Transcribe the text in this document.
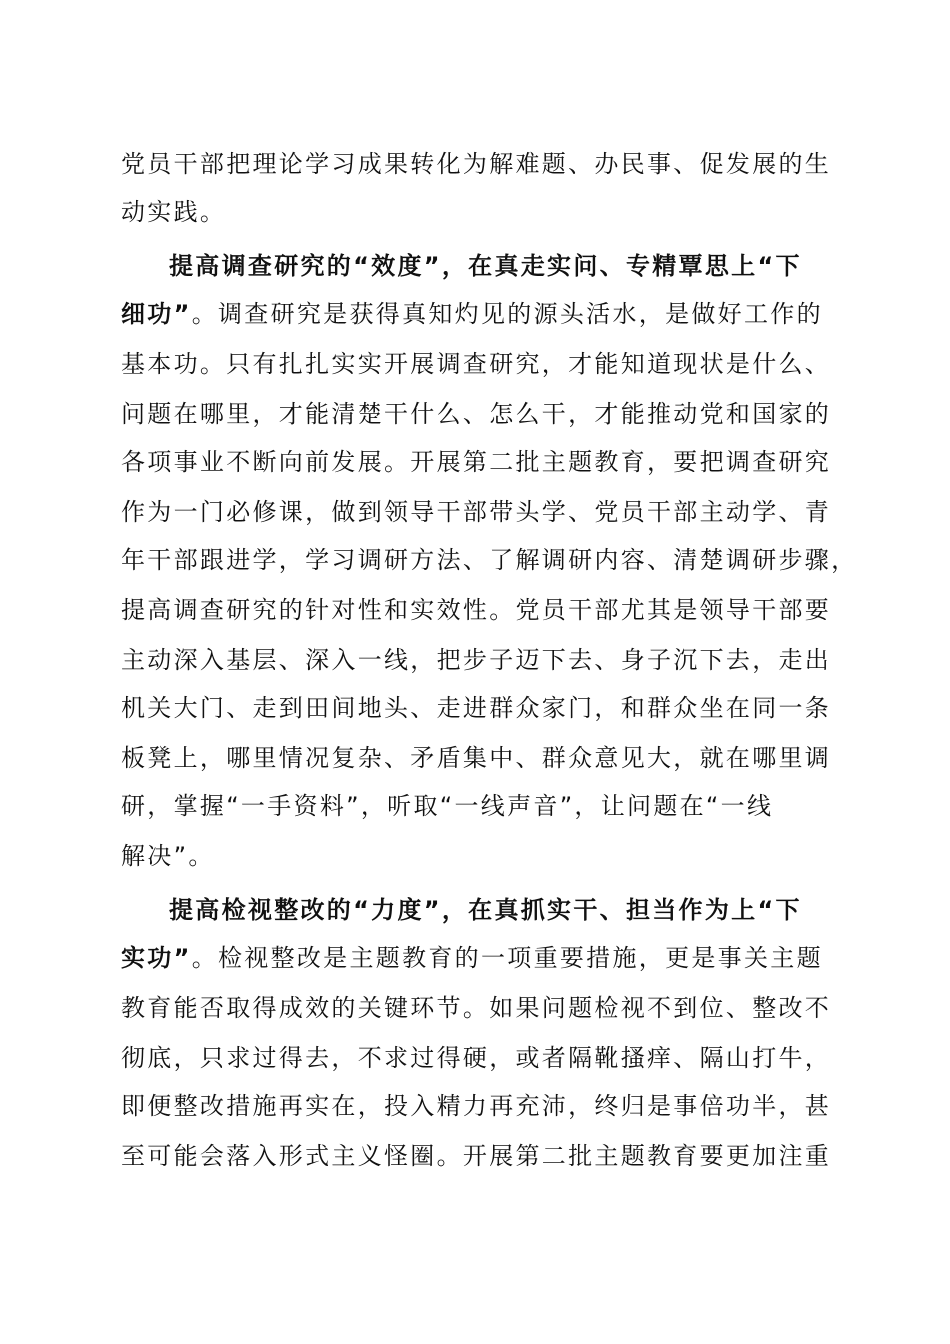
党员干部把理论学习成果转化为解难题、办民事、促发展的生
动实践。
提高调查研究的“效度”，在真走实问、专精覃思上“下
细功”。调查研究是获得真知灼见的源头活水，是做好工作的
基本功。只有扎扎实实开展调查研究，才能知道现状是什么、
问题在哪里，才能清楚干什么、怎么干，才能推动党和国家的
各项事业不断向前发展。开展第二批主题教育，要把调查研究
作为一门必修课，做到领导干部带头学、党员干部主动学、青
年干部跟进学，学习调研方法、了解调研内容、清楚调研步骤，
提高调查研究的针对性和实效性。党员干部尤其是领导干部要
主动深入基层、深入一线，把步子迈下去、身子沉下去，走出
机关大门、走到田间地头、走进群众家门，和群众坐在同一条
板凳上，哪里情况复杂、矛盾集中、群众意见大，就在哪里调
研，掌握“一手资料”，听取“一线声音”，让问题在“一线
解决”。
提高检视整改的“力度”，在真抓实干、担当作为上“下
实功”。检视整改是主题教育的一项重要措施，更是事关主题
教育能否取得成效的关键环节。如果问题检视不到位、整改不
彻底，只求过得去，不求过得硬，或者隔靴搔痒、隔山打牛，
即便整改措施再实在，投入精力再充沛，终归是事倍功半，甚
至可能会落入形式主义怪圈。开展第二批主题教育要更加注重
